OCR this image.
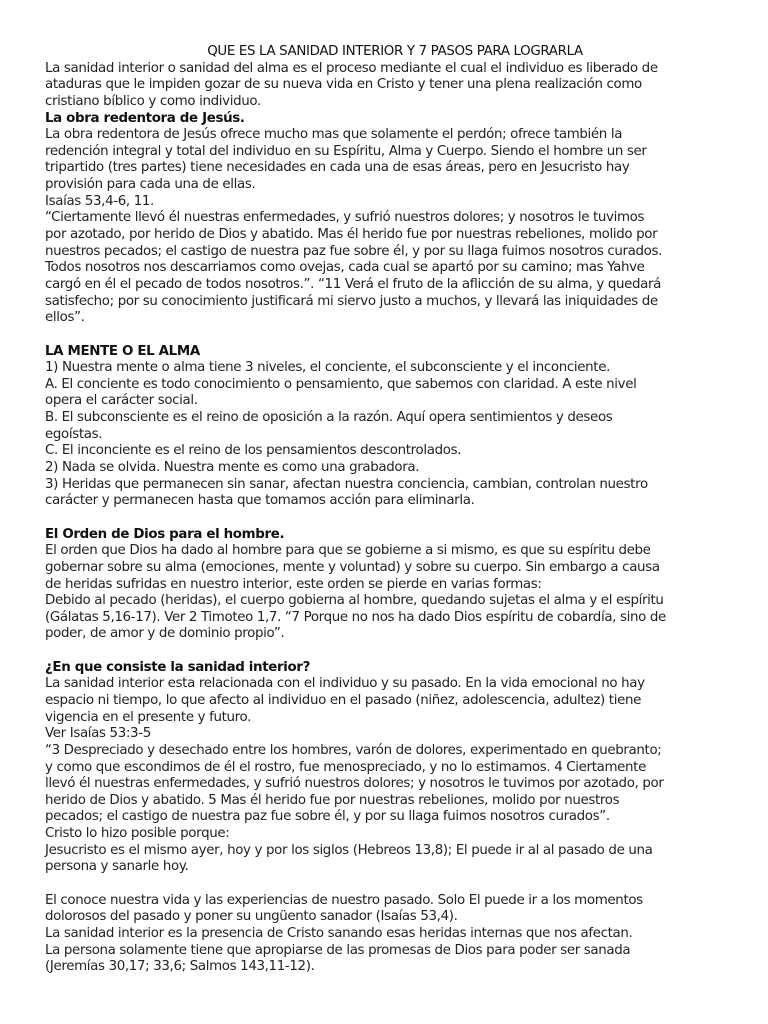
QUE ES LA SANIDAD INTERIOR Y 7 PASOS PARA LOGRARLA
La sanidad interior o sanidad del alma es el proceso mediante el cual el individuo es liberado de
ataduras que le impiden gozar de su nueva vida en Cristo y tener una plena realización como
cristiano bíblico y como individuo.
La obra redentora de Jesús.
La obra redentora de Jesús ofrece mucho mas que solamente el perdón; ofrece también la
redención integral y total del individuo en su Espíritu, Alma y Cuerpo. Siendo el hombre un ser
tripartido (tres partes) tiene necesidades en cada una de esas áreas, pero en Jesucristo hay
provisión para cada una de ellas.
Isaías 53,4-6, 11.
“Ciertamente llevó él nuestras enfermedades, y sufrió nuestros dolores; y nosotros le tuvimos
por azotado, por herido de Dios y abatido. Mas él herido fue por nuestras rebeliones, molido por
nuestros pecados; el castigo de nuestra paz fue sobre él, y por su llaga fuimos nosotros curados.
Todos nosotros nos descarriamos como ovejas, cada cual se apartó por su camino; mas Yahve
cargó en él el pecado de todos nosotros.”. “11 Verá el fruto de la aflicción de su alma, y quedará
satisfecho; por su conocimiento justificará mi siervo justo a muchos, y llevará las iniquidades de
ellos”.
LA MENTE O EL ALMA
1) Nuestra mente o alma tiene 3 niveles, el conciente, el subconsciente y el inconciente.
A. El conciente es todo conocimiento o pensamiento, que sabemos con claridad. A este nivel
opera el carácter social.
B. El subconsciente es el reino de oposición a la razón. Aquí opera sentimientos y deseos
egoístas.
C. El inconciente es el reino de los pensamientos descontrolados.
2) Nada se olvida. Nuestra mente es como una grabadora.
3) Heridas que permanecen sin sanar, afectan nuestra conciencia, cambian, controlan nuestro
carácter y permanecen hasta que tomamos acción para eliminarla.
El Orden de Dios para el hombre.
El orden que Dios ha dado al hombre para que se gobierne a si mismo, es que su espíritu debe
gobernar sobre su alma (emociones, mente y voluntad) y sobre su cuerpo. Sin embargo a causa
de heridas sufridas en nuestro interior, este orden se pierde en varias formas:
Debido al pecado (heridas), el cuerpo gobierna al hombre, quedando sujetas el alma y el espíritu
(Gálatas 5,16-17). Ver 2 Timoteo 1,7. “7 Porque no nos ha dado Dios espíritu de cobardía, sino de
poder, de amor y de dominio propio”.
¿En que consiste la sanidad interior?
La sanidad interior esta relacionada con el individuo y su pasado. En la vida emocional no hay
espacio ni tiempo, lo que afecto al individuo en el pasado (niñez, adolescencia, adultez) tiene
vigencia en el presente y futuro.
Ver Isaías 53:3-5
“3 Despreciado y desechado entre los hombres, varón de dolores, experimentado en quebranto;
y como que escondimos de él el rostro, fue menospreciado, y no lo estimamos. 4 Ciertamente
llevó él nuestras enfermedades, y sufrió nuestros dolores; y nosotros le tuvimos por azotado, por
herido de Dios y abatido. 5 Mas él herido fue por nuestras rebeliones, molido por nuestros
pecados; el castigo de nuestra paz fue sobre él, y por su llaga fuimos nosotros curados”.
Cristo lo hizo posible porque:
Jesucristo es el mismo ayer, hoy y por los siglos (Hebreos 13,8); El puede ir al al pasado de una
persona y sanarle hoy.
El conoce nuestra vida y las experiencias de nuestro pasado. Solo El puede ir a los momentos
dolorosos del pasado y poner su ungüento sanador (Isaías 53,4).
La sanidad interior es la presencia de Cristo sanando esas heridas internas que nos afectan.
La persona solamente tiene que apropiarse de las promesas de Dios para poder ser sanada
(Jeremías 30,17; 33,6; Salmos 143,11-12).
